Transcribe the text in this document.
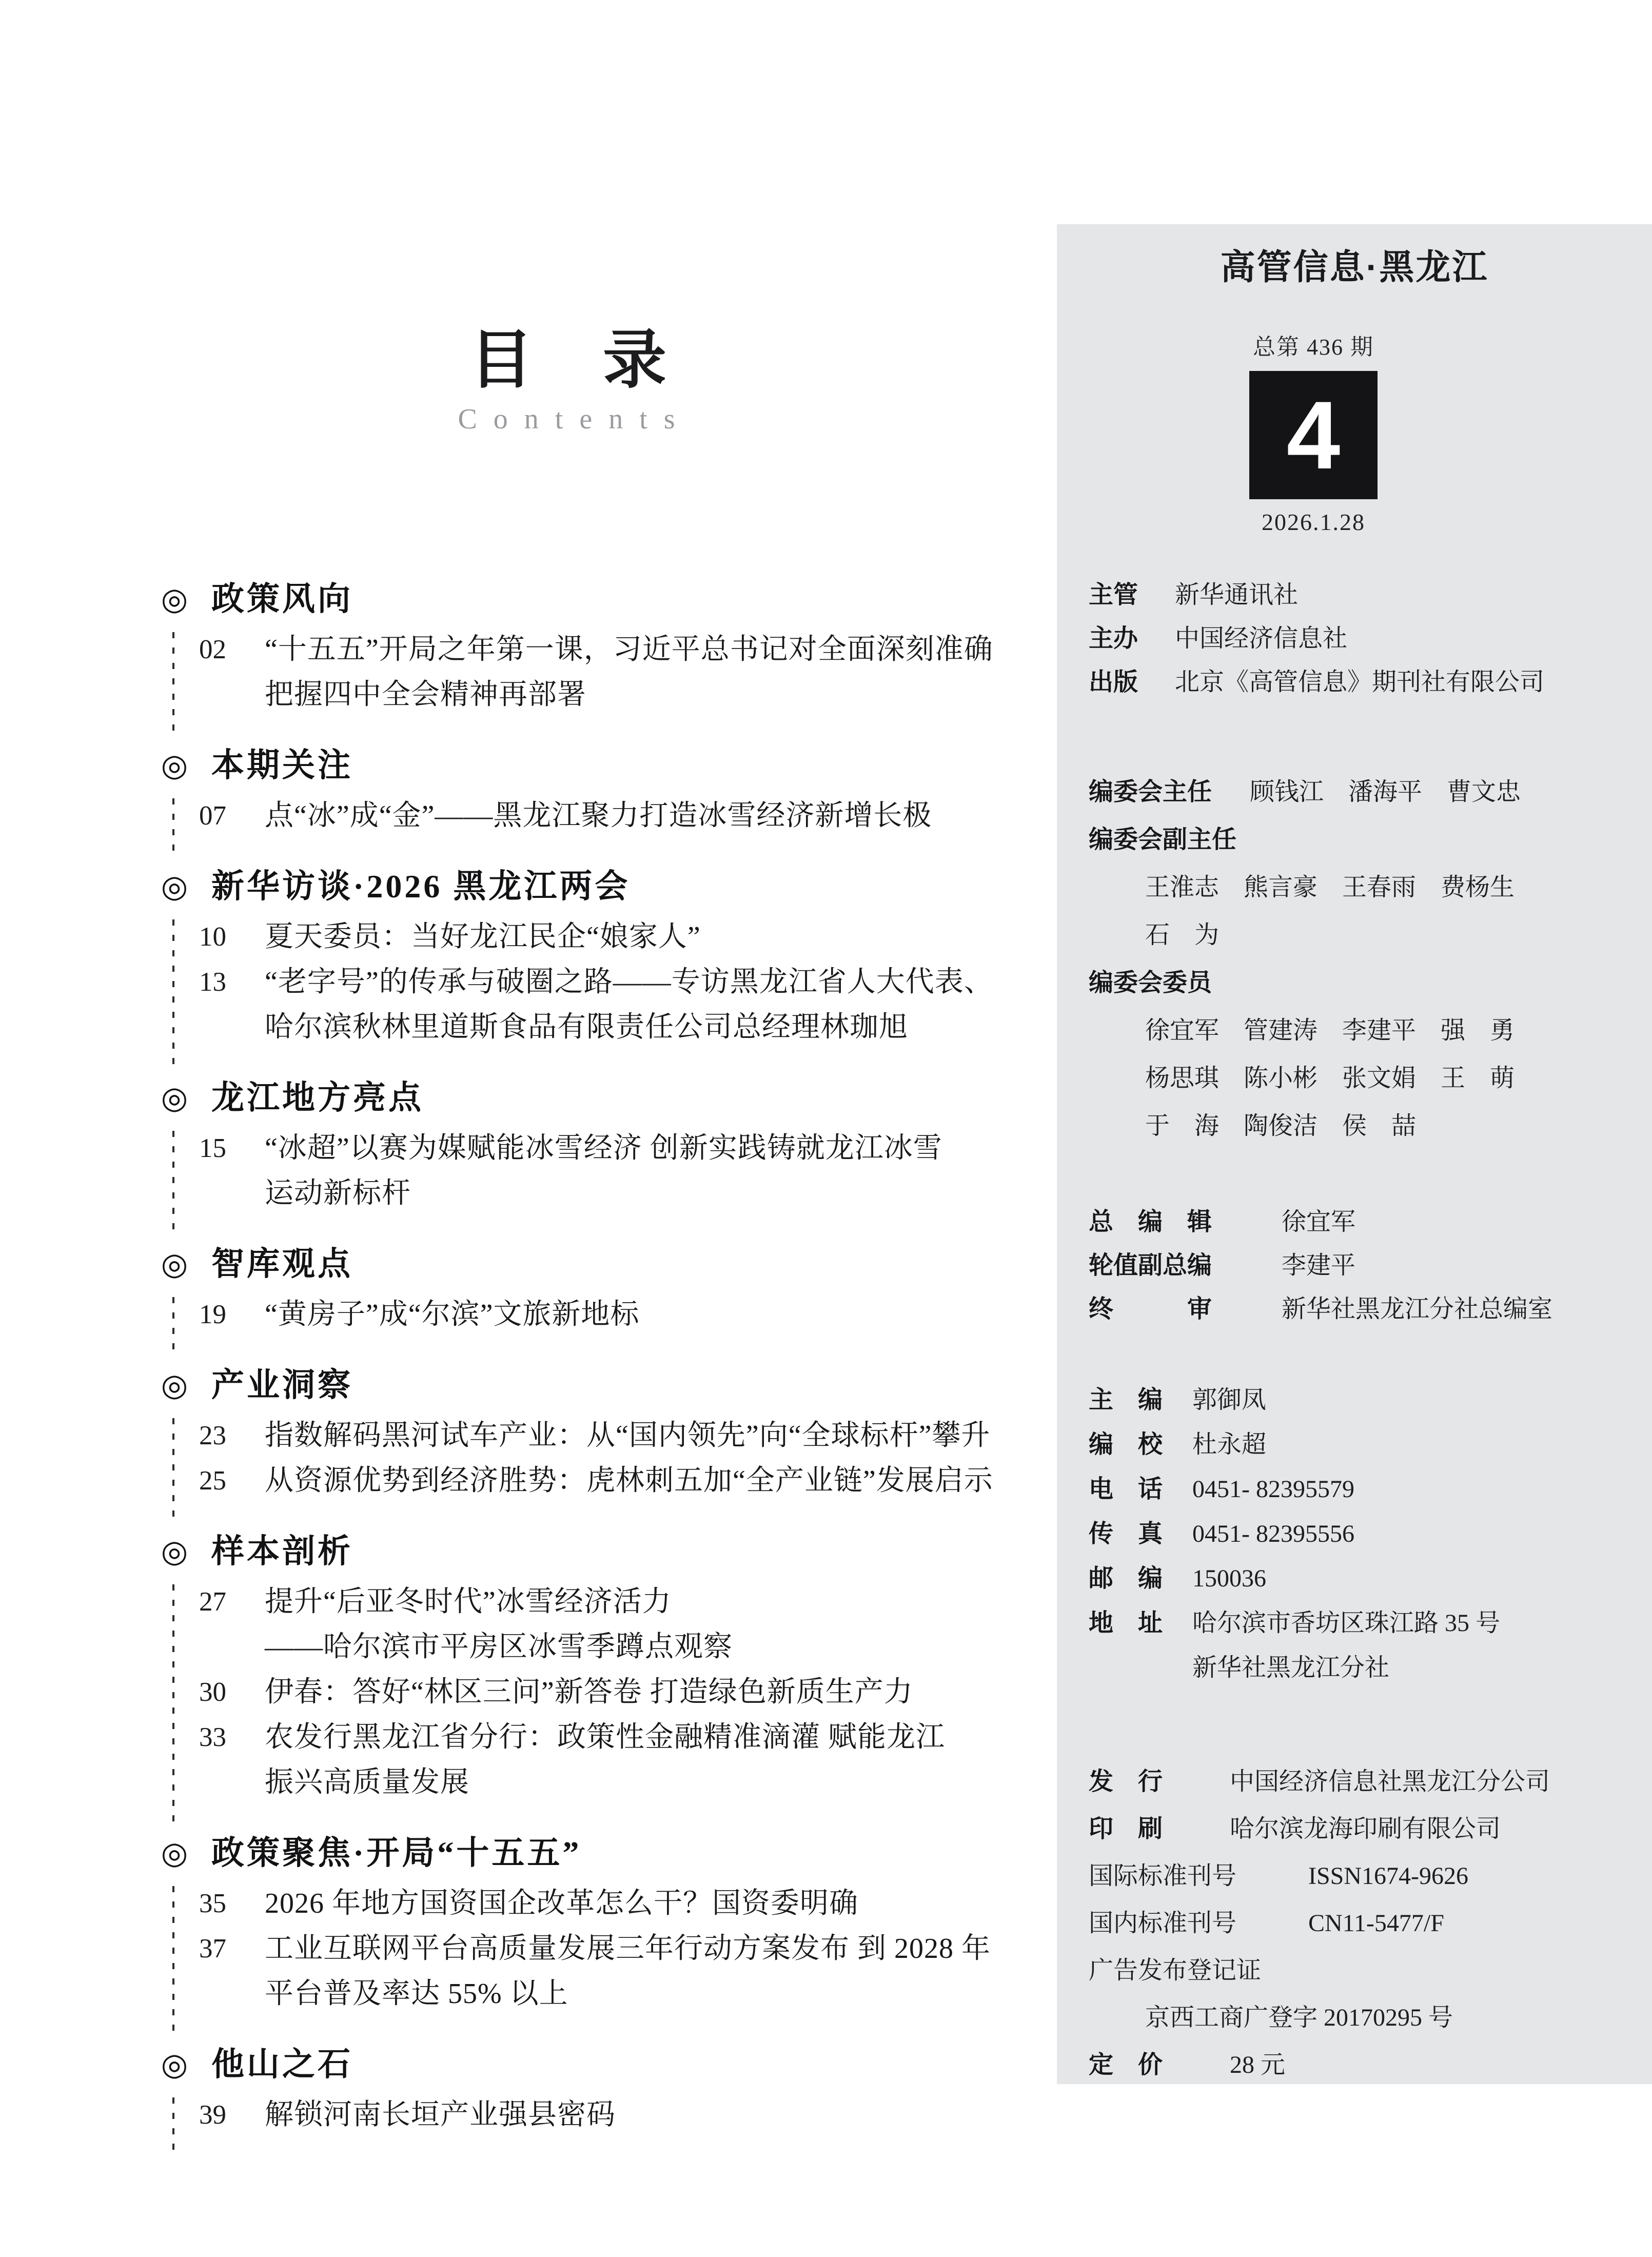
目　录
Contents
◎ 政策风向
02	“十五五”开局之年第一课，习近平总书记对全面深刻准确
把握四中全会精神再部署
◎ 本期关注
07	点“冰”成“金”——黑龙江聚力打造冰雪经济新增长极
◎ 新华访谈·2026 黑龙江两会
10	夏天委员：当好龙江民企“娘家人”
13	“老字号”的传承与破圈之路——专访黑龙江省人大代表、
哈尔滨秋林里道斯食品有限责任公司总经理林珈旭
◎ 龙江地方亮点
15	“冰超”以赛为媒赋能冰雪经济 创新实践铸就龙江冰雪
运动新标杆
◎ 智库观点
19	“黄房子”成“尔滨”文旅新地标
◎ 产业洞察
23	指数解码黑河试车产业：从“国内领先”向“全球标杆”攀升
25	从资源优势到经济胜势：虎林刺五加“全产业链”发展启示
◎ 样本剖析
27	提升“后亚冬时代”冰雪经济活力
——哈尔滨市平房区冰雪季蹲点观察
30	伊春：答好“林区三问”新答卷 打造绿色新质生产力
33	农发行黑龙江省分行：政策性金融精准滴灌 赋能龙江
振兴高质量发展
◎ 政策聚焦·开局“十五五”
35	2026 年地方国资国企改革怎么干？国资委明确
37	工业互联网平台高质量发展三年行动方案发布 到 2028 年
平台普及率达 55% 以上
◎ 他山之石
39	解锁河南长垣产业强县密码
高管信息·黑龙江
总第 436 期
4
2026.1.28
主管	新华通讯社
主办	中国经济信息社
出版	北京《高管信息》期刊社有限公司
编委会主任	顾钱江　潘海平　曹文忠
编委会副主任
王淮志　熊言豪　王春雨　费杨生
石　为
编委会委员
徐宜军　管建涛　李建平　强　勇
杨思琪　陈小彬　张文娟　王　萌
于　海　陶俊洁　侯　喆
总　编　辑	徐宜军
轮值副总编	李建平
终　　　审	新华社黑龙江分社总编室
主　编	郭御凤
编　校	杜永超
电　话	0451- 82395579
传　真	0451- 82395556
邮　编	150036
地　址	哈尔滨市香坊区珠江路 35 号
新华社黑龙江分社
发　行	中国经济信息社黑龙江分公司
印　刷	哈尔滨龙海印刷有限公司
国际标准刊号	ISSN1674-9626
国内标准刊号	CN11-5477/F
广告发布登记证
京西工商广登字 20170295 号
定　价	28 元
